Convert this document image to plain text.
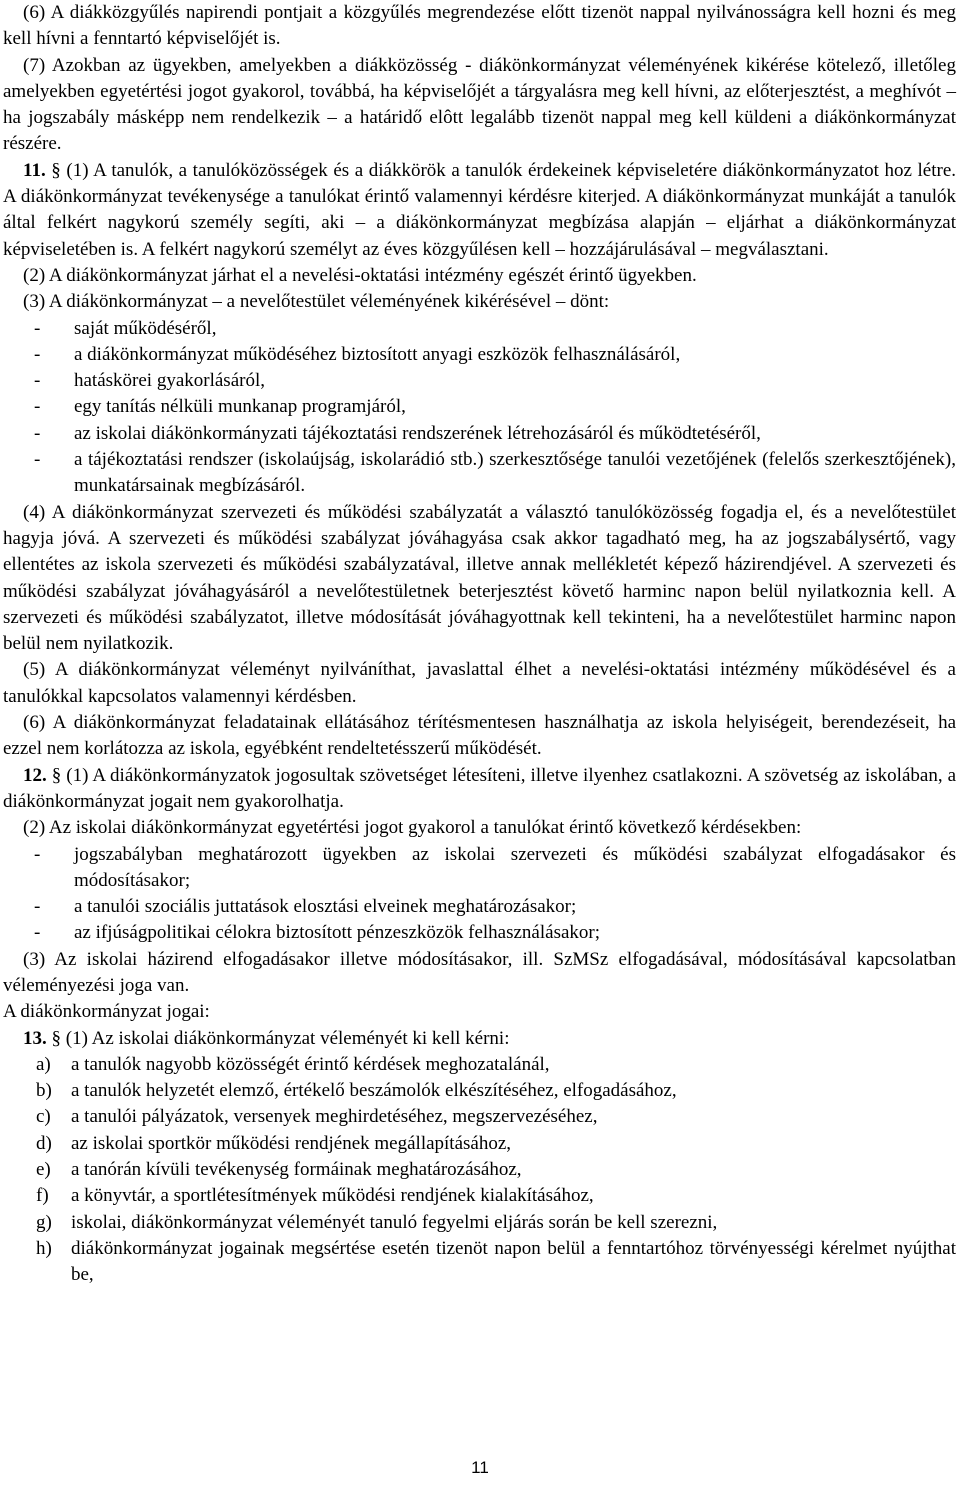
(6) A diákközgyűlés napirendi pontjait a közgyűlés megrendezése előtt tizenöt nappal nyilvánosságra kell hozni és meg kell hívni a fenntartó képviselőjét is.

(7) Azokban az ügyekben, amelyekben a diákközösség - diákönkormányzat véleményének kikérése kötelező, illetőleg amelyekben egyetértési jogot gyakorol, továbbá, ha képviselőjét a tárgyalásra meg kell hívni, az előterjesztést, a meghívót – ha jogszabály másképp nem rendelkezik – a határidő elôtt legalább tizenöt nappal meg kell küldeni a diákönkormányzat részére.

11. § (1) A tanulók, a tanulóközösségek és a diákkörök a tanulók érdekeinek képviseletére diákönkormányzatot hoz létre. A diákönkormányzat tevékenysége a tanulókat érintő valamennyi kérdésre kiterjed. A diákönkormányzat munkáját a tanulók által felkért nagykorú személy segíti, aki – a diákönkormányzat megbízása alapján – eljárhat a diákönkormányzat képviseletében is. A felkért nagykorú személyt az éves közgyűlésen kell – hozzájárulásával – megválasztani.

(2) A diákönkormányzat járhat el a nevelési-oktatási intézmény egészét érintő ügyekben.

(3) A diákönkormányzat – a nevelőtestület véleményének kikérésével – dönt:

- saját működéséről,
- a diákönkormányzat működéséhez biztosított anyagi eszközök felhasználásáról,
- hatáskörei gyakorlásáról,
- egy tanítás nélküli munkanap programjáról,
- az iskolai diákönkormányzati tájékoztatási rendszerének létrehozásáról és működtetéséről,
- a tájékoztatási rendszer (iskolaújság, iskolarádió stb.) szerkesztősége tanulói vezetőjének (felelős szerkesztőjének), munkatársainak megbízásáról.

(4) A diákönkormányzat szervezeti és működési szabályzatát a választó tanulóközösség fogadja el, és a nevelőtestület hagyja jóvá. A szervezeti és működési szabályzat jóváhagyása csak akkor tagadható meg, ha az jogszabálysértő, vagy ellentétes az iskola szervezeti és működési szabályzatával, illetve annak mellékletét képező házirendjével. A szervezeti és működési szabályzat jóváhagyásáról a nevelőtestületnek beterjesztést követő harminc napon belül nyilatkoznia kell. A szervezeti és működési szabályzatot, illetve módosítását jóváhagyottnak kell tekinteni, ha a nevelőtestület harminc napon belül nem nyilatkozik.

(5) A diákönkormányzat véleményt nyilváníthat, javaslattal élhet a nevelési-oktatási intézmény működésével és a tanulókkal kapcsolatos valamennyi kérdésben.

(6) A diákönkormányzat feladatainak ellátásához térítésmentesen használhatja az iskola helyiségeit, berendezéseit, ha ezzel nem korlátozza az iskola, egyébként rendeltetésszerű működését.

12. § (1) A diákönkormányzatok jogosultak szövetséget létesíteni, illetve ilyenhez csatlakozni. A szövetség az iskolában, a diákönkormányzat jogait nem gyakorolhatja.

(2) Az iskolai diákönkormányzat egyetértési jogot gyakorol a tanulókat érintő következő kérdésekben:

- jogszabályban meghatározott ügyekben az iskolai szervezeti és működési szabályzat elfogadásakor és módosításakor;
- a tanulói szociális juttatások elosztási elveinek meghatározásakor;
- az ifjúságpolitikai célokra biztosított pénzeszközök felhasználásakor;

(3) Az iskolai házirend elfogadásakor illetve módosításakor, ill. SzMSz elfogadásával, módosításával kapcsolatban véleményezési joga van.

A diákönkormányzat jogai:

13. § (1) Az iskolai diákönkormányzat véleményét ki kell kérni:

a) a tanulók nagyobb közösségét érintő kérdések meghozatalánál,
b) a tanulók helyzetét elemző, értékelő beszámolók elkészítéséhez, elfogadásához,
c) a tanulói pályázatok, versenyek meghirdetéséhez, megszervezéséhez,
d) az iskolai sportkör működési rendjének megállapításához,
e) a tanórán kívüli tevékenység formáinak meghatározásához,
f) a könyvtár, a sportlétesítmények működési rendjének kialakításához,
g) iskolai, diákönkormányzat véleményét tanuló fegyelmi eljárás során be kell szerezni,
h) diákönkormányzat jogainak megsértése esetén tizenöt napon belül a fenntartóhoz törvényességi kérelmet nyújthat be,
11
